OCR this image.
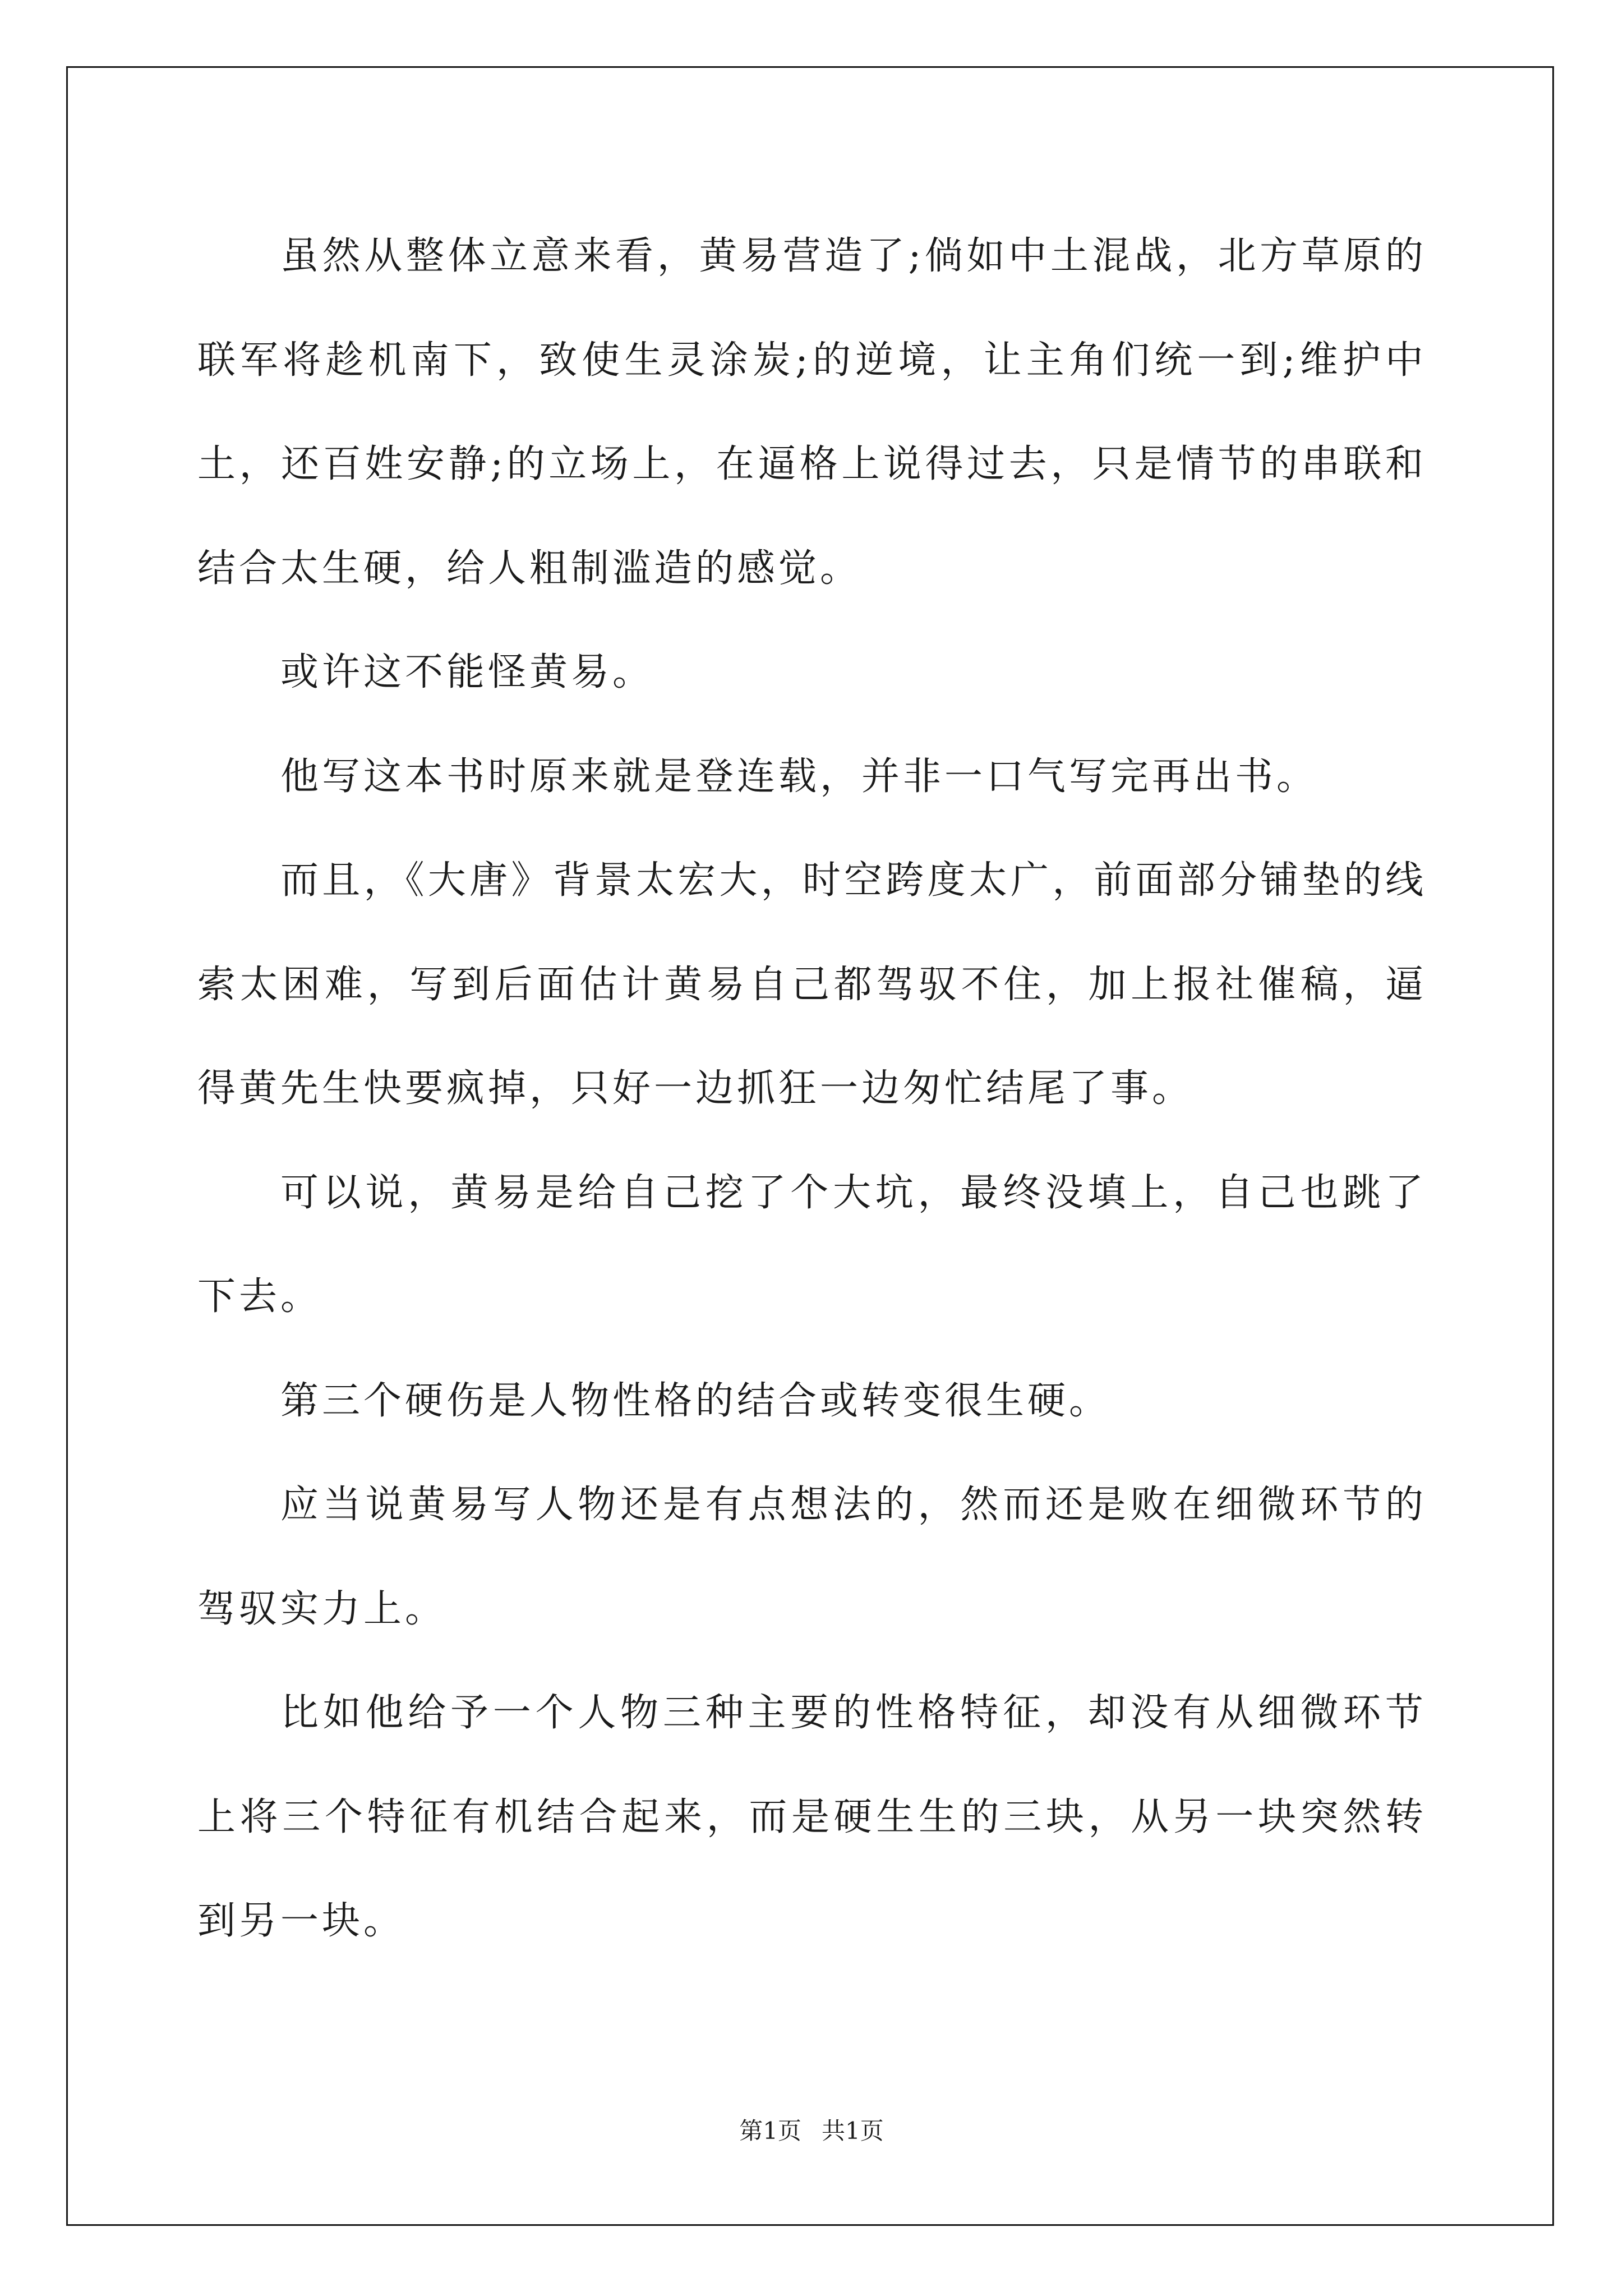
虽然从整体立意来看，黄易营造了;倘如中土混战，北方草原的联军将趁机南下，致使生灵涂炭;的逆境，让主角们统一到;维护中土，还百姓安静;的立场上，在逼格上说得过去，只是情节的串联和结合太生硬，给人粗制滥造的感觉。

或许这不能怪黄易。

他写这本书时原来就是登连载，并非一口气写完再出书。

而且，《大唐》背景太宏大，时空跨度太广，前面部分铺垫的线索太困难，写到后面估计黄易自己都驾驭不住，加上报社催稿，逼得黄先生快要疯掉，只好一边抓狂一边匆忙结尾了事。

可以说，黄易是给自己挖了个大坑，最终没填上，自己也跳了下去。

第三个硬伤是人物性格的结合或转变很生硬。

应当说黄易写人物还是有点想法的，然而还是败在细微环节的驾驭实力上。

比如他给予一个人物三种主要的性格特征，却没有从细微环节上将三个特征有机结合起来，而是硬生生的三块，从另一块突然转到另一块。

第1页 共1页
